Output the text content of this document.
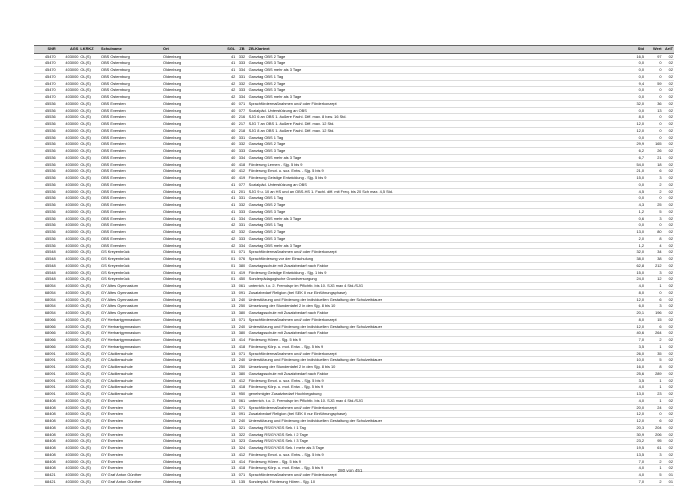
SNR	AGS	LKRKZ	Schulname	Ort	SGL	ZB	ZB-Klartext	Std	Wert	ArtT
45470	403000	OL(S)	OBS Osternburg	Oldenburg	41	332	Ganztag OBS 2 Tage	16,5	97	02
45470	403000	OL(S)	OBS Osternburg	Oldenburg	41	333	Ganztag OBS 3 Tage	0,0	0	02
45470	403000	OL(S)	OBS Osternburg	Oldenburg	41	334	Ganztag OBS mehr als 3 Tage	0,0	0	02
45470	403000	OL(S)	OBS Osternburg	Oldenburg	42	331	Ganztag OBS 1 Tag	0,0	0	02
45470	403000	OL(S)	OBS Osternburg	Oldenburg	42	332	Ganztag OBS 2 Tage	9,4	59	02
45470	403000	OL(S)	OBS Osternburg	Oldenburg	42	333	Ganztag OBS 3 Tage	0,0	0	02
45470	403000	OL(S)	OBS Osternburg	Oldenburg	42	334	Ganztag OBS mehr als 3 Tage	0,0	0	02
45536	403000	OL(S)	OBS Eversten	Oldenburg	40	071	Sprachfördermaßnahmen und/ oder Förderkonzept	32,0	36	02
45536	403000	OL(S)	OBS Eversten	Oldenburg	40	077	Sozialpäd. Unterstützung an OBS	0,0	13	02
45536	403000	OL(S)	OBS Eversten	Oldenburg	40	216	SJG 6 an OBS 1. äußere Fachl. Diff. max. 8 bzw. 16 Std.	8,0	0	02
45536	403000	OL(S)	OBS Eversten	Oldenburg	40	217	SJG 7 an OBS 1. äußere Fachl. Diff. max. 12 Std.	12,0	0	02
45536	403000	OL(S)	OBS Eversten	Oldenburg	40	218	SJG 8 an OBS 1. äußere Fachl. Diff. max. 12 Std.	12,0	0	02
45536	403000	OL(S)	OBS Eversten	Oldenburg	40	331	Ganztag OBS 1 Tag	0,0	0	02
45536	403000	OL(S)	OBS Eversten	Oldenburg	40	332	Ganztag OBS 2 Tage	29,9	165	02
45536	403000	OL(S)	OBS Eversten	Oldenburg	40	333	Ganztag OBS 3 Tage	6,2	26	02
45536	403000	OL(S)	OBS Eversten	Oldenburg	40	334	Ganztag OBS mehr als 3 Tage	6,7	21	02
45536	403000	OL(S)	OBS Eversten	Oldenburg	40	418	Förderung Lernen - Sjg. 5 bis 9	54,0	18	02
45536	403000	OL(S)	OBS Eversten	Oldenburg	40	412	Förderung Emot. u. soz. Entw. - Sjg. 5 bis 9	21,0	6	02
45536	403000	OL(S)	OBS Eversten	Oldenburg	40	419	Förderung Geistige Entwicklung - Sjg. 5 bis 9	15,0	3	02
45536	403000	OL(S)	OBS Eversten	Oldenburg	41	077	Sozialpäd. Unterstützung an OBS	0,0	2	02
45536	403000	OL(S)	OBS Eversten	Oldenburg	41	201	SJG 9 u. 10 an HS und an OBS-HS 1. Fachl. diff. mit Freq. bis 20 Sch max. 4,5 Std.	4,5	2	02
45536	403000	OL(S)	OBS Eversten	Oldenburg	41	331	Ganztag OBS 1 Tag	0,0	0	02
45536	403000	OL(S)	OBS Eversten	Oldenburg	41	332	Ganztag OBS 2 Tage	4,3	25	02
45536	403000	OL(S)	OBS Eversten	Oldenburg	41	333	Ganztag OBS 3 Tage	1,2	5	02
45536	403000	OL(S)	OBS Eversten	Oldenburg	41	334	Ganztag OBS mehr als 3 Tage	0,6	3	02
45536	403000	OL(S)	OBS Eversten	Oldenburg	42	331	Ganztag OBS 1 Tag	0,0	0	02
45536	403000	OL(S)	OBS Eversten	Oldenburg	42	332	Ganztag OBS 2 Tage	13,0	80	02
45536	403000	OL(S)	OBS Eversten	Oldenburg	42	333	Ganztag OBS 3 Tage	2,0	8	02
45536	403000	OL(S)	OBS Eversten	Oldenburg	42	334	Ganztag OBS mehr als 3 Tage	1,2	4	02
45548	403000	OL(S)	GS Kreyenbrück	Oldenburg	01	071	Sprachfördermaßnahmen und/ oder Förderkonzept	32,0	34	02
45548	403000	OL(S)	GS Kreyenbrück	Oldenburg	01	076	Sprachförderung vor der Einschulung	38,0	38	02
45548	403000	OL(S)	GS Kreyenbrück	Oldenburg	01	380	Ganztagsschule mit Zusatzbedarf nach Faktor	62,8	212	02
45548	403000	OL(S)	GS Kreyenbrück	Oldenburg	01	419	Förderung Geistige Entwicklung - Sjg. 1 bis 9	15,0	3	02
45548	403000	OL(S)	GS Kreyenbrück	Oldenburg	01	450	Sonderpädagogische Grundversorgung	24,0	12	02
68054	403000	OL(S)	GY Altes Gymnasium	Oldenburg	13	061	unterrich. t.o. 2. Fremdspr im Pflichtb. bis 10. SJG max 4 Std./SJG	4,0	1	02
68054	403000	OL(S)	GY Altes Gymnasium	Oldenburg	13	091	Zusatzbedarf Religion (bei SEK II nur Einführungsphase)	8,0	0	02
68054	403000	OL(S)	GY Altes Gymnasium	Oldenburg	13	240	Unterstützung und Förderung der individuellen Gestaltung der Schulzeitdauer	12,0	6	02
68054	403000	OL(S)	GY Altes Gymnasium	Oldenburg	13	250	Umsetzung der Stundentafel 2 in den Sjg. 8 bis 10	6,0	3	02
68054	403000	OL(S)	GY Altes Gymnasium	Oldenburg	13	380	Ganztagsschule mit Zusatzbedarf nach Faktor	20,1	196	02
68066	403000	OL(S)	GY Herbartgymnasium	Oldenburg	13	071	Sprachfördermaßnahmen und/ oder Förderkonzept	8,0	15	02
68066	403000	OL(S)	GY Herbartgymnasium	Oldenburg	13	240	Unterstützung und Förderung der individuellen Gestaltung der Schulzeitdauer	12,0	6	02
68066	403000	OL(S)	GY Herbartgymnasium	Oldenburg	13	380	Ganztagsschule mit Zusatzbedarf nach Faktor	40,6	264	02
68066	403000	OL(S)	GY Herbartgymnasium	Oldenburg	13	414	Förderung Hören - Sjg. 5 bis 9	7,0	2	02
68066	403000	OL(S)	GY Herbartgymnasium	Oldenburg	13	418	Förderung Körp. u. mot. Entw. - Sjg. 5 bis 9	3,5	1	02
68091	403000	OL(S)	GY Cäcilienschule	Oldenburg	13	071	Sprachfördermaßnahmen und/ oder Förderkonzept	26,0	35	02
68091	403000	OL(S)	GY Cäcilienschule	Oldenburg	13	240	Unterstützung und Förderung der individuellen Gestaltung der Schulzeitdauer	10,0	5	02
68091	403000	OL(S)	GY Cäcilienschule	Oldenburg	13	250	Umsetzung der Stundentafel 2 in den Sjg. 8 bis 10	16,0	8	02
68091	403000	OL(S)	GY Cäcilienschule	Oldenburg	13	380	Ganztagsschule mit Zusatzbedarf nach Faktor	25,6	289	02
68091	403000	OL(S)	GY Cäcilienschule	Oldenburg	13	412	Förderung Emot. u. soz. Entw. - Sjg. 5 bis 9	3,5	1	02
68091	403000	OL(S)	GY Cäcilienschule	Oldenburg	13	418	Förderung Körp. u. mot. Entw. - Sjg. 5 bis 9	4,0	1	02
68091	403000	OL(S)	GY Cäcilienschule	Oldenburg	13	950	genehmigter Zusatzbedarf Hochbegabung	13,0	23	02
68408	403000	OL(S)	GY Eversten	Oldenburg	13	061	unterrich. t.o. 2. Fremdspr im Pflichtb. bis 10. SJG max 4 Std./SJG	4,0	1	02
68408	403000	OL(S)	GY Eversten	Oldenburg	13	071	Sprachfördermaßnahmen und/ oder Förderkonzept	20,0	24	02
68408	403000	OL(S)	GY Eversten	Oldenburg	13	091	Zusatzbedarf Religion (bei SEK II nur Einführungsphase)	12,0	0	02
68408	403000	OL(S)	GY Eversten	Oldenburg	13	240	Unterstützung und Förderung der individuellen Gestaltung der Schulzeitdauer	12,0	6	02
68408	403000	OL(S)	GY Eversten	Oldenburg	13	321	Ganztag RS/GY/IGS Sek. I 1 Tag	20,3	204	02
68408	403000	OL(S)	GY Eversten	Oldenburg	13	322	Ganztag RS/GY/IGS Sek. I 2 Tage	30,9	206	02
68408	403000	OL(S)	GY Eversten	Oldenburg	13	323	Ganztag RS/GY/IGS Sek. I 3 Tage	23,2	95	02
68408	403000	OL(S)	GY Eversten	Oldenburg	13	324	Ganztag RS/GY/IGS Sek. I mehr als 3 Tage	19,5	61	02
68408	403000	OL(S)	GY Eversten	Oldenburg	13	412	Förderung Emot. u. soz. Entw. - Sjg. 5 bis 9	13,5	3	02
68408	403000	OL(S)	GY Eversten	Oldenburg	13	414	Förderung Hören - Sjg. 5 bis 9	7,0	2	02
68408	403000	OL(S)	GY Eversten	Oldenburg	13	418	Förderung Körp. u. mot. Entw. - Sjg. 5 bis 9	4,0	1	02
68421	403000	OL(S)	GY Graf Anton Günther	Oldenburg	13	071	Sprachfördermaßnahmen und/ oder Förderkonzept	4,0	5	01
68421	403000	OL(S)	GY Graf Anton Günther	Oldenburg	13	135	Sonderpäd. Förderung Hören - Sjg. 10	7,0	2	01
280 von 451
